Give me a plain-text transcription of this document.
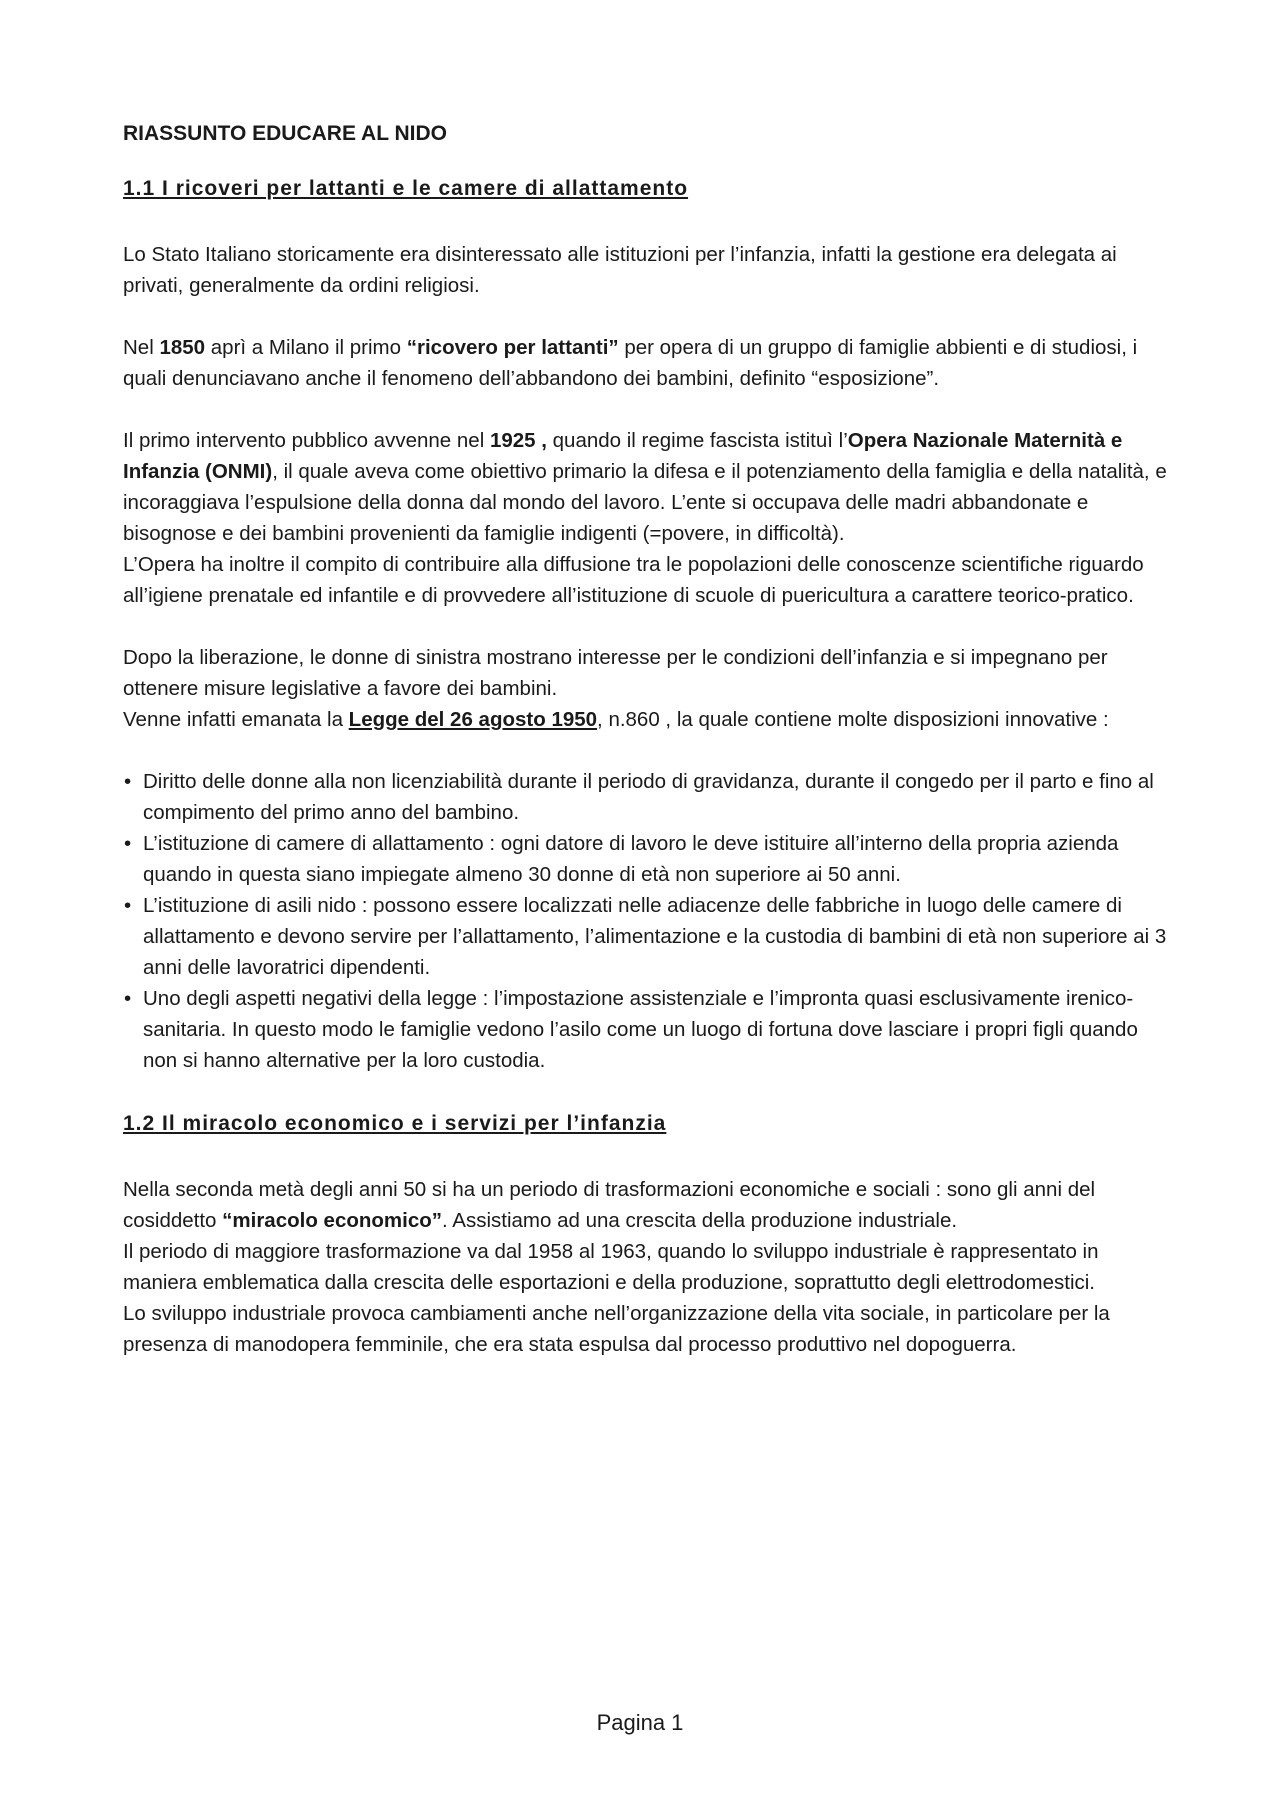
RIASSUNTO EDUCARE AL NIDO
1.1 I ricoveri per lattanti e le camere di allattamento

Lo Stato Italiano storicamente era disinteressato alle istituzioni per l’infanzia, infatti la gestione era delegata ai privati, generalmente da ordini religiosi.

Nel 1850 aprì a Milano il primo “ricovero per lattanti” per opera di un gruppo di famiglie abbienti e di studiosi, i quali denunciavano anche il fenomeno dell’abbandono dei bambini, definito “esposizione”.

Il primo intervento pubblico avvenne nel 1925 , quando il regime fascista istituì l’Opera Nazionale Maternità e Infanzia (ONMI), il quale aveva come obiettivo primario la difesa e il potenziamento della famiglia e della natalità, e incoraggiava l’espulsione della donna dal mondo del lavoro. L’ente si occupava delle madri abbandonate e bisognose e dei bambini provenienti da famiglie indigenti (=povere, in difficoltà).

L’Opera ha inoltre il compito di contribuire alla diffusione tra le popolazioni delle conoscenze scientifiche riguardo all’igiene prenatale ed infantile e di provvedere all’istituzione di scuole di puericultura a carattere teorico-pratico.

Dopo la liberazione, le donne di sinistra mostrano interesse per le condizioni dell’infanzia e si impegnano per ottenere misure legislative a favore dei bambini.

Venne infatti emanata la Legge del 26 agosto 1950, n.860 , la quale contiene molte disposizioni innovative :

• Diritto delle donne alla non licenziabilità durante il periodo di gravidanza, durante il congedo per il parto e fino al compimento del primo anno del bambino.
• L’istituzione di camere di allattamento : ogni datore di lavoro le deve istituire all’interno della propria azienda quando in questa siano impiegate almeno 30 donne di età non superiore ai 50 anni.
• L’istituzione di asili nido : possono essere localizzati nelle adiacenze delle fabbriche in luogo delle camere di allattamento e devono servire per l’allattamento, l’alimentazione e la custodia di bambini di età non superiore ai 3 anni delle lavoratrici dipendenti.
• Uno degli aspetti negativi della legge : l’impostazione assistenziale e l’impronta quasi esclusivamente irenico-sanitaria. In questo modo le famiglie vedono l’asilo come un luogo di fortuna dove lasciare i propri figli quando non si hanno alternative per la loro custodia.
1.2 Il miracolo economico e i servizi per l’infanzia

Nella seconda metà degli anni 50 si ha un periodo di trasformazioni economiche e sociali : sono gli anni del cosiddetto “miracolo economico”. Assistiamo ad una crescita della produzione industriale.

Il periodo di maggiore trasformazione va dal 1958 al 1963, quando lo sviluppo industriale è rappresentato in maniera emblematica dalla crescita delle esportazioni e della produzione, soprattutto degli elettrodomestici.

Lo sviluppo industriale provoca cambiamenti anche nell’organizzazione della vita sociale, in particolare per la presenza di manodopera femminile, che era stata espulsa dal processo produttivo nel dopoguerra.

Pagina 1
